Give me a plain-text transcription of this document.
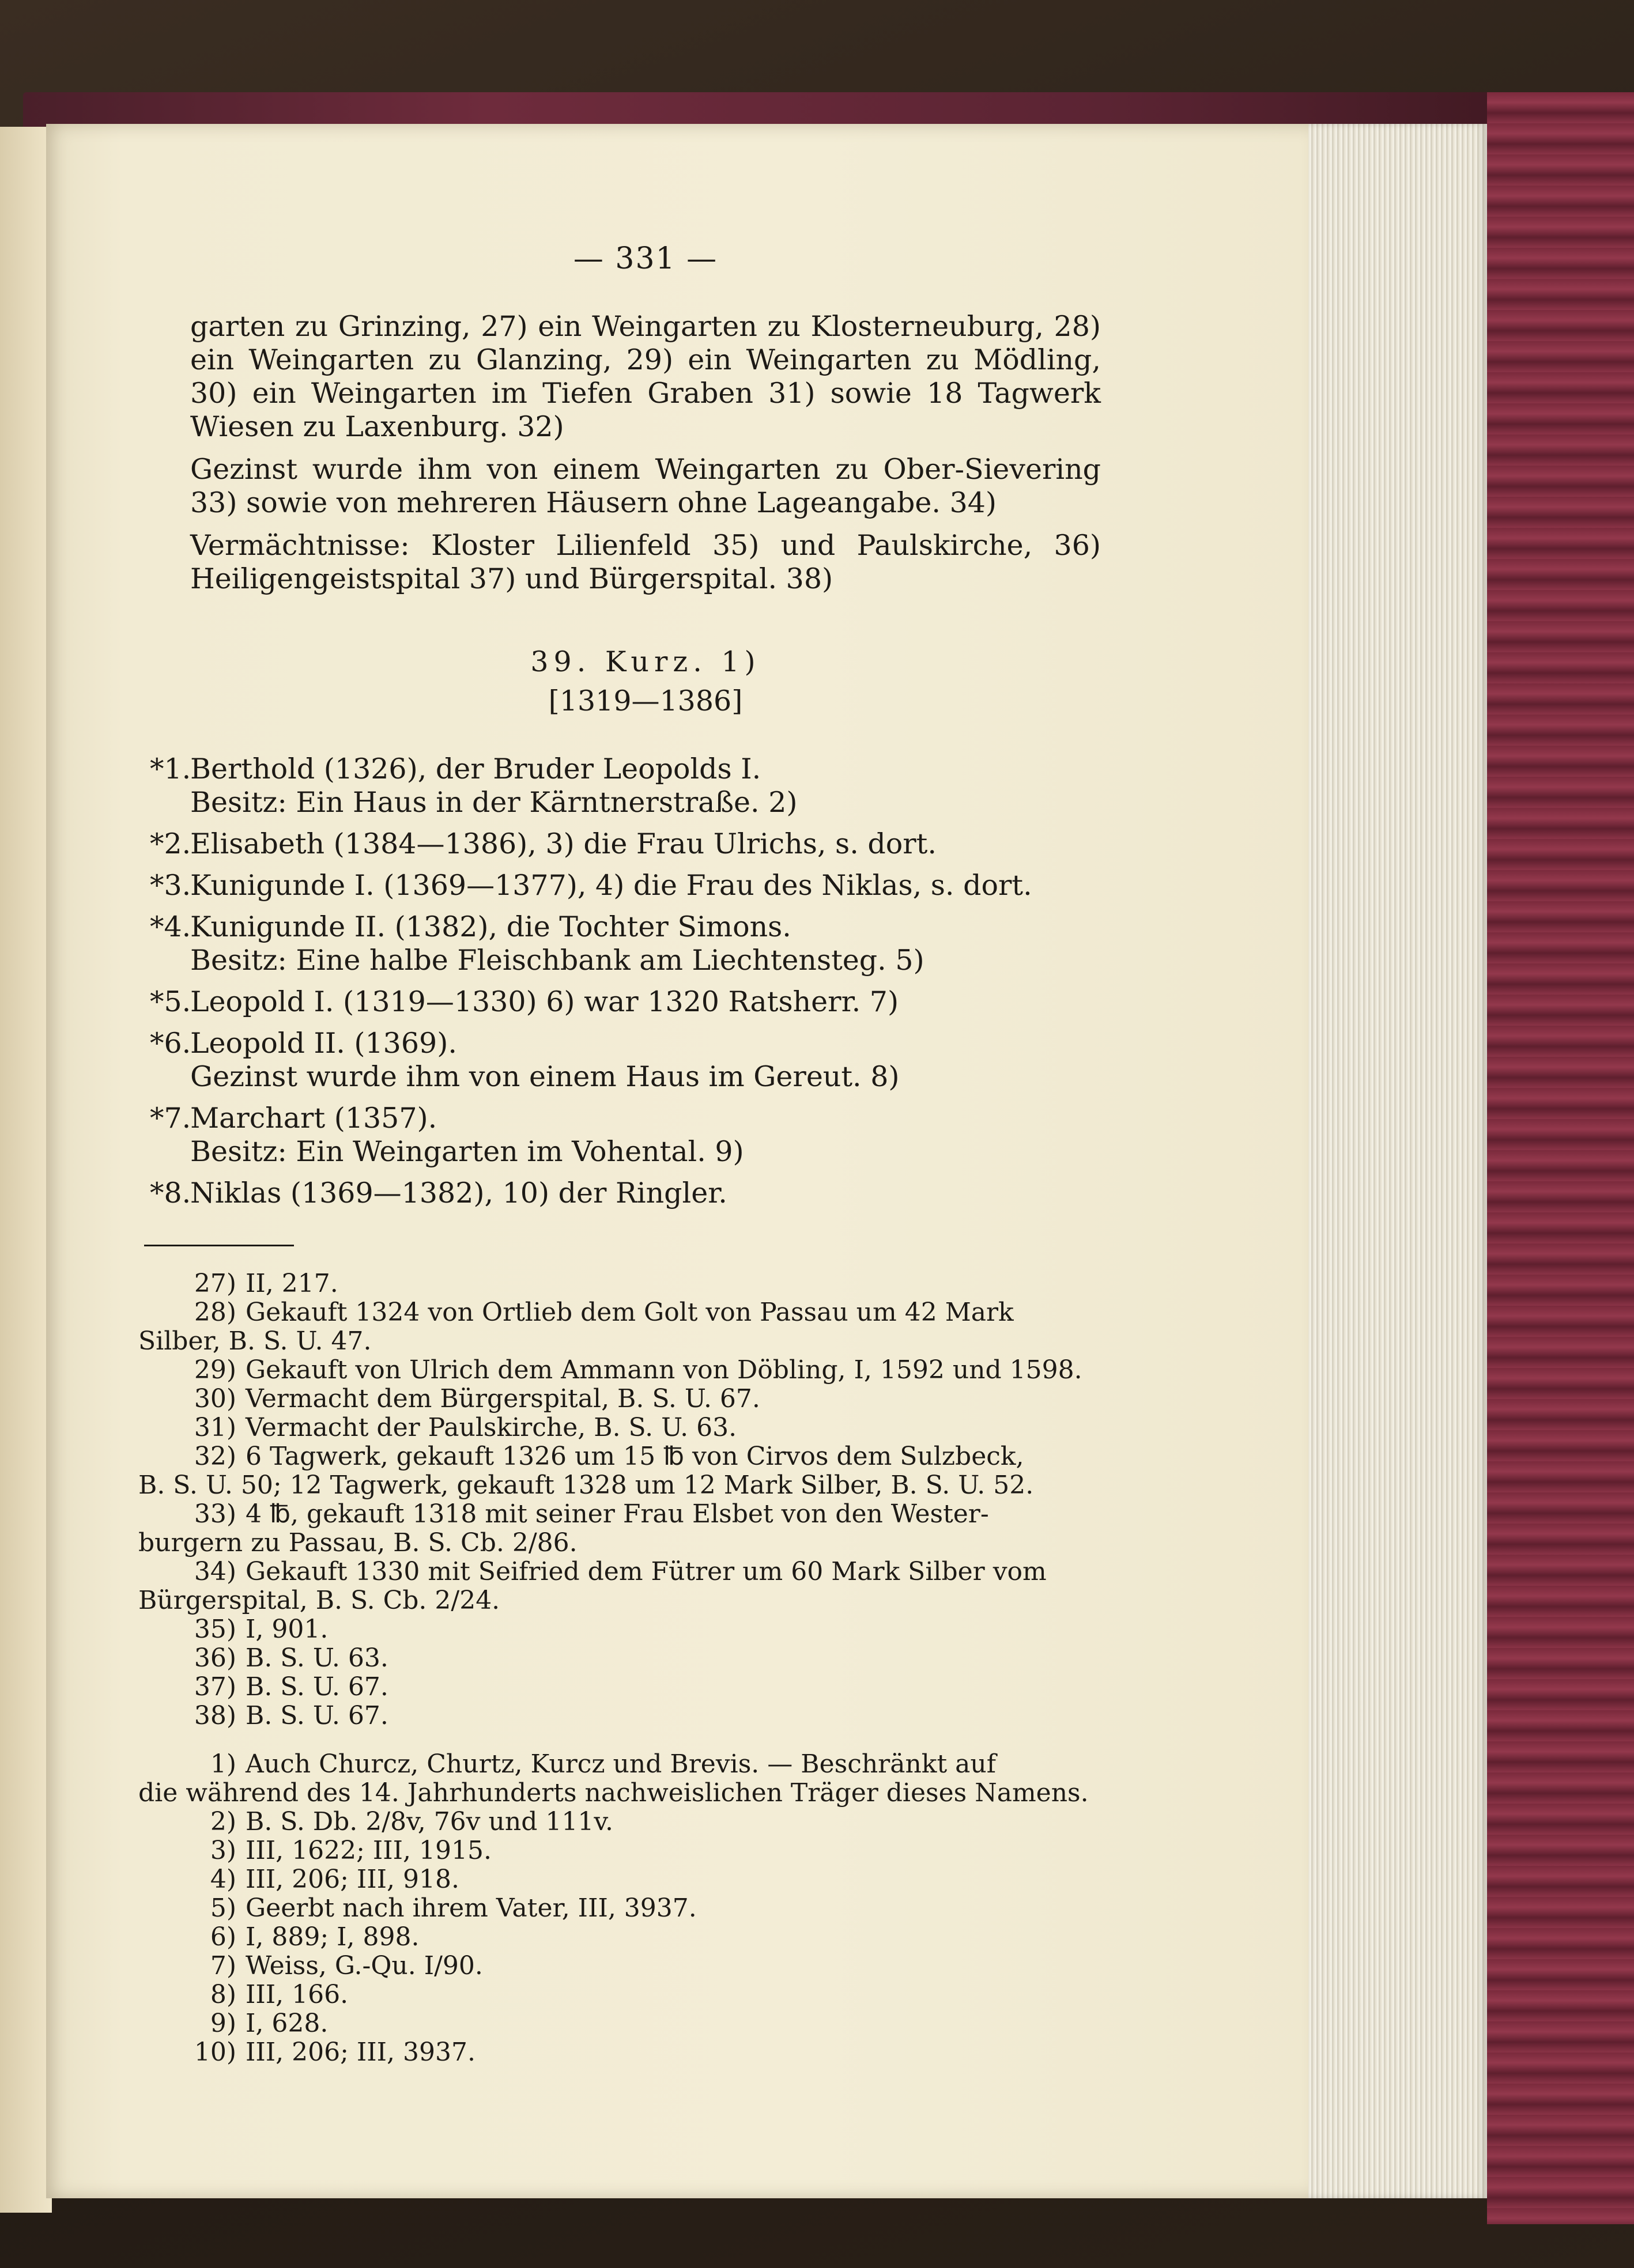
— 331 —

garten zu Grinzing, 27) ein Weingarten zu Klosterneuburg, 28) ein Weingarten zu Glanzing, 29) ein Weingarten zu Mödling, 30) ein Weingarten im Tiefen Graben 31) sowie 18 Tagwerk Wiesen zu Laxenburg. 32)

Gezinst wurde ihm von einem Weingarten zu Ober-Sievering 33) sowie von mehreren Häusern ohne Lageangabe. 34)

Vermächtnisse: Kloster Lilienfeld 35) und Paulskirche, 36) Heiligengeistspital 37) und Bürgerspital. 38)

39. Kurz. 1)

[1319—1386]

*1.
Berthold (1326), der Bruder Leopolds I.
Besitz: Ein Haus in der Kärntnerstraße. 2)
*2.
Elisabeth (1384—1386), 3) die Frau Ulrichs, s. dort.
*3.
Kunigunde I. (1369—1377), 4) die Frau des Niklas, s. dort.
*4.
Kunigunde II. (1382), die Tochter Simons.
Besitz: Eine halbe Fleischbank am Liechtensteg. 5)
*5.
Leopold I. (1319—1330) 6) war 1320 Ratsherr. 7)
*6.
Leopold II. (1369).
Gezinst wurde ihm von einem Haus im Gereut. 8)
*7.
Marchart (1357).
Besitz: Ein Weingarten im Vohental. 9)
*8.
Niklas (1369—1382), 10) der Ringler.

27) II, 217.

28) Gekauft 1324 von Ortlieb dem Golt von Passau um 42 Mark

Silber, B. S. U. 47.

29) Gekauft von Ulrich dem Ammann von Döbling, I, 1592 und 1598.

30) Vermacht dem Bürgerspital, B. S. U. 67.

31) Vermacht der Paulskirche, B. S. U. 63.

32) 6 Tagwerk, gekauft 1326 um 15 ℔ von Cirvos dem Sulzbeck,

B. S. U. 50; 12 Tagwerk, gekauft 1328 um 12 Mark Silber, B. S. U. 52.

33) 4 ℔, gekauft 1318 mit seiner Frau Elsbet von den Wester-

burgern zu Passau, B. S. Cb. 2/86.

34) Gekauft 1330 mit Seifried dem Fütrer um 60 Mark Silber vom

Bürgerspital, B. S. Cb. 2/24.

35) I, 901.

36) B. S. U. 63.

37) B. S. U. 67.

38) B. S. U. 67.

1) Auch Churcz, Churtz, Kurcz und Brevis. — Beschränkt auf

die während des 14. Jahrhunderts nachweislichen Träger dieses Namens.

2) B. S. Db. 2/8v, 76v und 111v.

3) III, 1622; III, 1915.

4) III, 206; III, 918.

5) Geerbt nach ihrem Vater, III, 3937.

6) I, 889; I, 898.

7) Weiss, G.-Qu. I/90.

8) III, 166.

9) I, 628.

10) III, 206; III, 3937.
